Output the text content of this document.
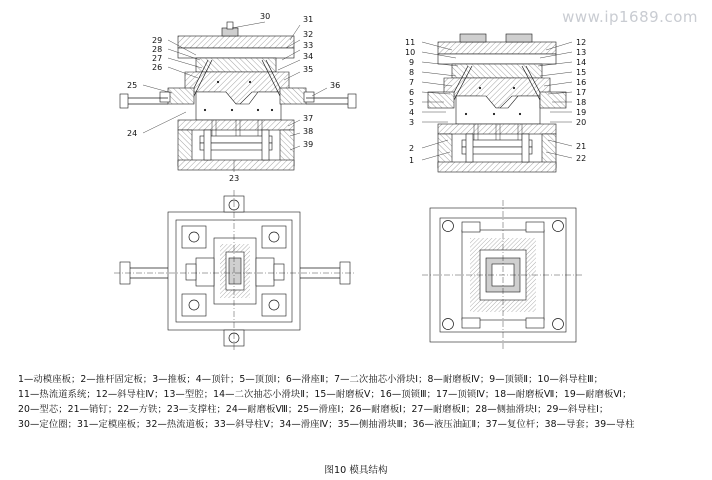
www.ip1689.com
29
28
27
26
25
24
30	31
32
33
34
35
36
37
38
39
23
11
10
9
8
7
6
5
4
3
2
1
12
13
14
15
16
17
18
19
20
21
22
1—动模座板；2—推杆固定板；3—推板；4—顶针；5—顶顶Ⅰ；6—滑座Ⅱ；7—二次抽芯小滑块Ⅰ；8—耐磨板Ⅳ；9—顶锁Ⅱ；10—斜导柱Ⅲ；
11—热流道系统；12—斜导柱Ⅳ；13—型腔；14—二次抽芯小滑块Ⅱ；15—耐磨板Ⅴ；16—顶锁Ⅲ；17—顶锁Ⅳ；18—耐磨板Ⅶ；19—耐磨板Ⅵ；
20—型芯；21—销钉；22—方铁；23—支撑柱；24—耐磨板Ⅷ；25—滑座Ⅰ；26—耐磨板Ⅰ；27—耐磨板Ⅱ；28—侧抽滑块Ⅰ；29—斜导柱Ⅰ；
30—定位圈；31—定模座板；32—热流道板；33—斜导柱Ⅴ；34—滑座Ⅳ；35—侧抽滑块Ⅲ；36—液压油缸Ⅱ；37—复位杆；38—导套；39—导柱
图10 模具结构
